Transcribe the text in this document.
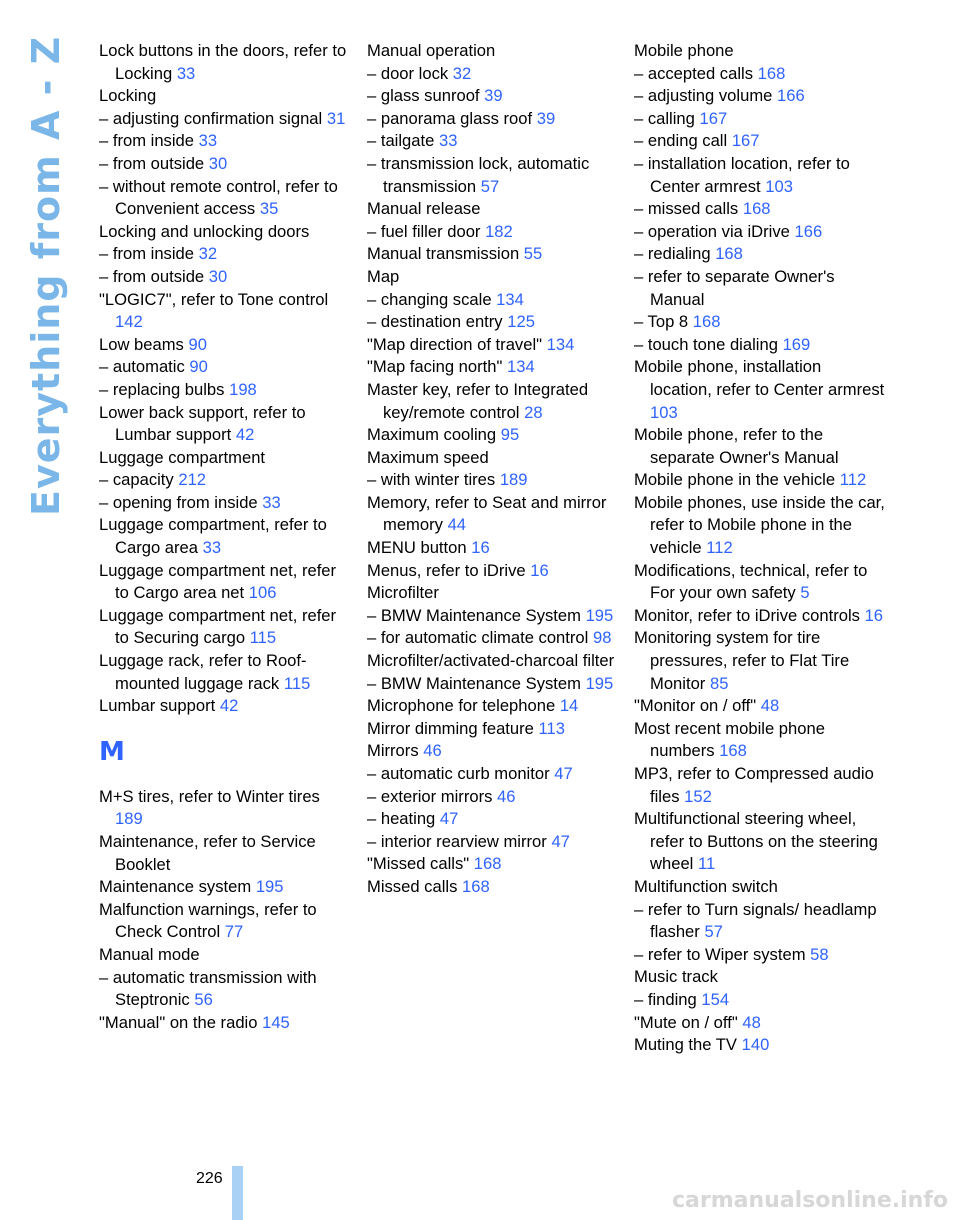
Everything from A - Z Lock buttons in the doors, refer to Locking 33
Locking
– adjusting confirmation signal 31
– from inside 33
– from outside 30
– without remote control, refer to Convenient access 35
Locking and unlocking doors
– from inside 32
– from outside 30
"LOGIC7", refer to Tone control 142
Low beams 90
– automatic 90
– replacing bulbs 198
Lower back support, refer to Lumbar support 42
Luggage compartment
– capacity 212
– opening from inside 33
Luggage compartment, refer to Cargo area 33
Luggage compartment net, refer to Cargo area net 106
Luggage compartment net, refer to Securing cargo 115
Luggage rack, refer to Roof-mounted luggage rack 115
Lumbar support 42
M
M+S tires, refer to Winter tires 189
Maintenance, refer to Service Booklet
Maintenance system 195
Malfunction warnings, refer to Check Control 77
Manual mode
– automatic transmission with Steptronic 56
"Manual" on the radio 145
Manual operation
– door lock 32
– glass sunroof 39
– panorama glass roof 39
– tailgate 33
– transmission lock, automatic transmission 57
Manual release
– fuel filler door 182
Manual transmission 55
Map
– changing scale 134
– destination entry 125
"Map direction of travel" 134
"Map facing north" 134
Master key, refer to Integrated key/remote control 28
Maximum cooling 95
Maximum speed
– with winter tires 189
Memory, refer to Seat and mirror memory 44
MENU button 16
Menus, refer to iDrive 16
Microfilter
– BMW Maintenance System 195
– for automatic climate control 98
Microfilter/activated-charcoal filter
– BMW Maintenance System 195
Microphone for telephone 14
Mirror dimming feature 113
Mirrors 46
– automatic curb monitor 47
– exterior mirrors 46
– heating 47
– interior rearview mirror 47
"Missed calls" 168
Missed calls 168
Mobile phone
– accepted calls 168
– adjusting volume 166
– calling 167
– ending call 167
– installation location, refer to Center armrest 103
– missed calls 168
– operation via iDrive 166
– redialing 168
– refer to separate Owner's Manual
– Top 8 168
– touch tone dialing 169
Mobile phone, installation location, refer to Center armrest 103
Mobile phone, refer to the separate Owner's Manual
Mobile phone in the vehicle 112
Mobile phones, use inside the car, refer to Mobile phone in the vehicle 112
Modifications, technical, refer to For your own safety 5
Monitor, refer to iDrive controls 16
Monitoring system for tire pressures, refer to Flat Tire Monitor 85
"Monitor on / off" 48
Most recent mobile phone numbers 168
MP3, refer to Compressed audio files 152
Multifunctional steering wheel, refer to Buttons on the steering wheel 11
Multifunction switch
– refer to Turn signals/ headlamp flasher 57
– refer to Wiper system 58
Music track
– finding 154
"Mute on / off" 48
Muting the TV 140
226
carmanualsonline.info
